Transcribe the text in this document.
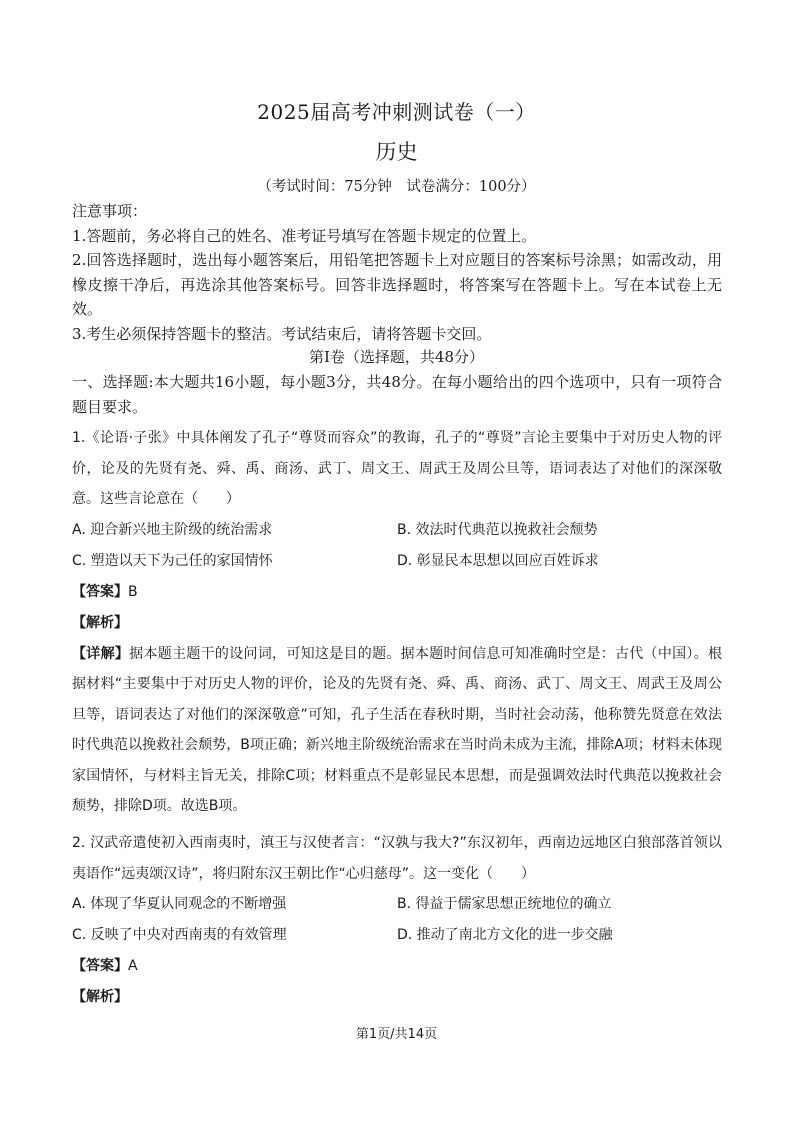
2025届高考冲刺测试卷（一）
历史
（考试时间：75分钟　试卷满分：100分）

注意事项：

1.答题前，务必将自己的姓名、准考证号填写在答题卡规定的位置上。

2.回答选择题时，选出每小题答案后，用铅笔把答题卡上对应题目的答案标号涂黑；如需改动，用橡皮擦干净后，再选涂其他答案标号。回答非选择题时，将答案写在答题卡上。写在本试卷上无效。

3.考生必须保持答题卡的整洁。考试结束后，请将答题卡交回。

第Ⅰ卷（选择题，共48分）
一、选择题:本大题共16小题，每小题3分，共48分。在每小题给出的四个选项中，只有一项符合题目要求。

1.《论语·子张》中具体阐发了孔子“尊贤而容众”的教诲，孔子的“尊贤”言论主要集中于对历史人物的评价，论及的先贤有尧、舜、禹、商汤、武丁、周文王、周武王及周公旦等，语词表达了对他们的深深敬意。这些言论意在（　　）

A. 迎合新兴地主阶级的统治需求	B. 效法时代典范以挽救社会颓势
C. 塑造以天下为己任的家国情怀	D. 彰显民本思想以回应百姓诉求

【答案】B

【解析】

【详解】据本题主题干的设问词，可知这是目的题。据本题时间信息可知准确时空是：古代（中国）。根据材料“主要集中于对历史人物的评价，论及的先贤有尧、舜、禹、商汤、武丁、周文王、周武王及周公旦等，语词表达了对他们的深深敬意”可知，孔子生活在春秋时期，当时社会动荡，他称赞先贤意在效法时代典范以挽救社会颓势，B项正确；新兴地主阶级统治需求在当时尚未成为主流，排除A项；材料未体现家国情怀，与材料主旨无关，排除C项；材料重点不是彰显民本思想，而是强调效法时代典范以挽救社会颓势，排除D项。故选B项。

2. 汉武帝遣使初入西南夷时，滇王与汉使者言：“汉孰与我大?”东汉初年，西南边远地区白狼部落首领以夷语作“远夷颂汉诗”，将归附东汉王朝比作“心归慈母”。这一变化（　　）

A. 体现了华夏认同观念的不断增强	B. 得益于儒家思想正统地位的确立
C. 反映了中央对西南夷的有效管理	D. 推动了南北方文化的进一步交融

【答案】A

【解析】

第1页/共14页
